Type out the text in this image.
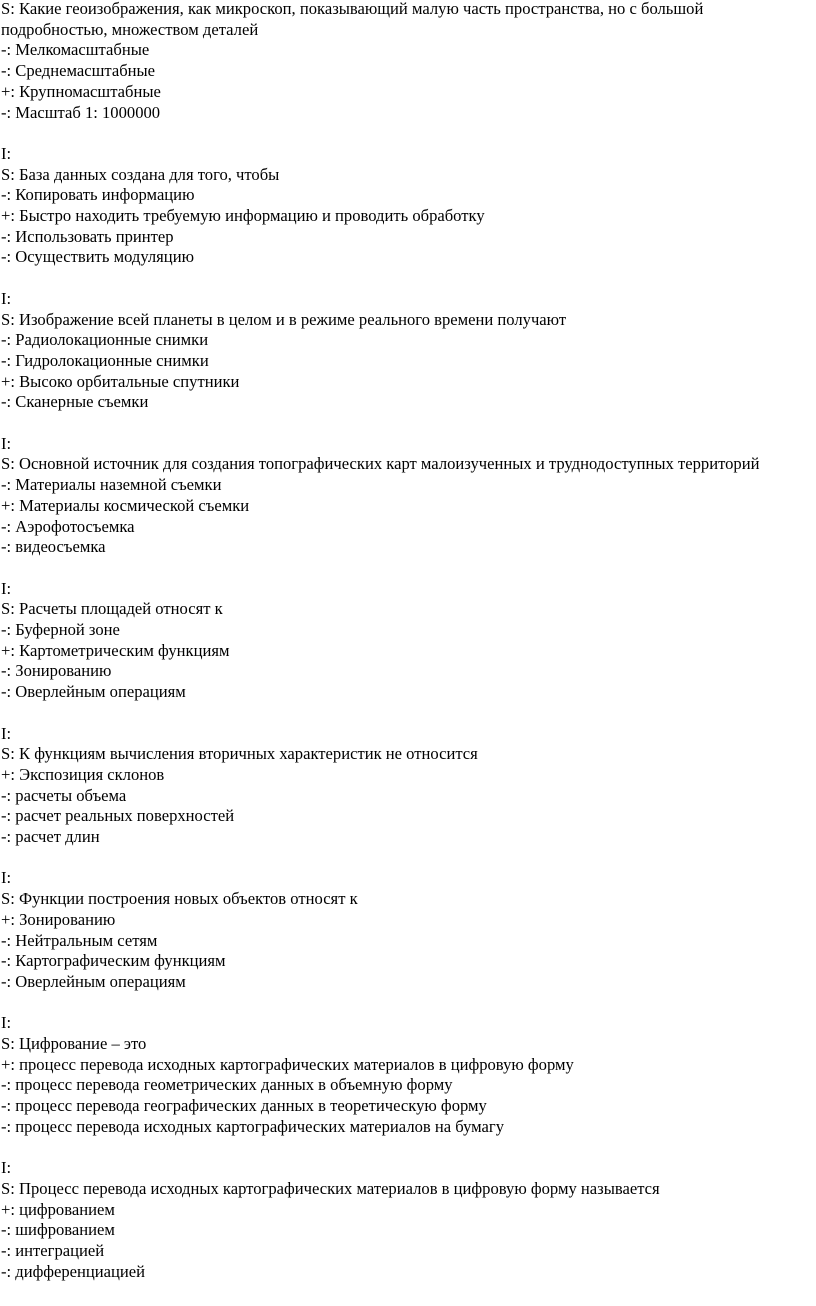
S: Какие геоизображения, как микроскоп, показывающий малую часть пространства, но с большой подробностью, множеством деталей
-: Мелкомасштабные
-: Среднемасштабные
+: Крупномасштабные
-: Масштаб 1: 1000000
I:
S: База данных создана для того, чтобы
-: Копировать информацию
+: Быстро находить требуемую информацию и проводить обработку
-: Использовать принтер
-: Осуществить модуляцию
I:
S: Изображение всей планеты в целом и в режиме реального времени получают
-: Радиолокационные снимки
-: Гидролокационные снимки
+: Высоко орбитальные спутники
-: Сканерные съемки
I:
S: Основной источник для создания топографических карт малоизученных и труднодоступных территорий
-: Материалы наземной съемки
+: Материалы космической съемки
-: Аэрофотосъемка
-: видеосъемка
I:
S: Расчеты площадей относят к
-: Буферной зоне
+: Картометрическим функциям
-: Зонированию
-: Оверлейным операциям
I:
S: К функциям вычисления вторичных характеристик не относится
+: Экспозиция склонов
-: расчеты объема
-: расчет реальных поверхностей
-: расчет длин
I:
S: Функции построения новых объектов относят к
+: Зонированию
-: Нейтральным сетям
-: Картографическим функциям
-: Оверлейным операциям
I:
S: Цифрование – это
+: процесс перевода исходных картографических материалов в цифровую форму
-: процесс перевода геометрических данных в объемную форму
-: процесс перевода географических данных в теоретическую форму
-: процесс перевода исходных картографических материалов на бумагу
I:
S: Процесс перевода исходных картографических материалов в цифровую форму называется
+: цифрованием
-: шифрованием
-: интеграцией
-: дифференциацией
